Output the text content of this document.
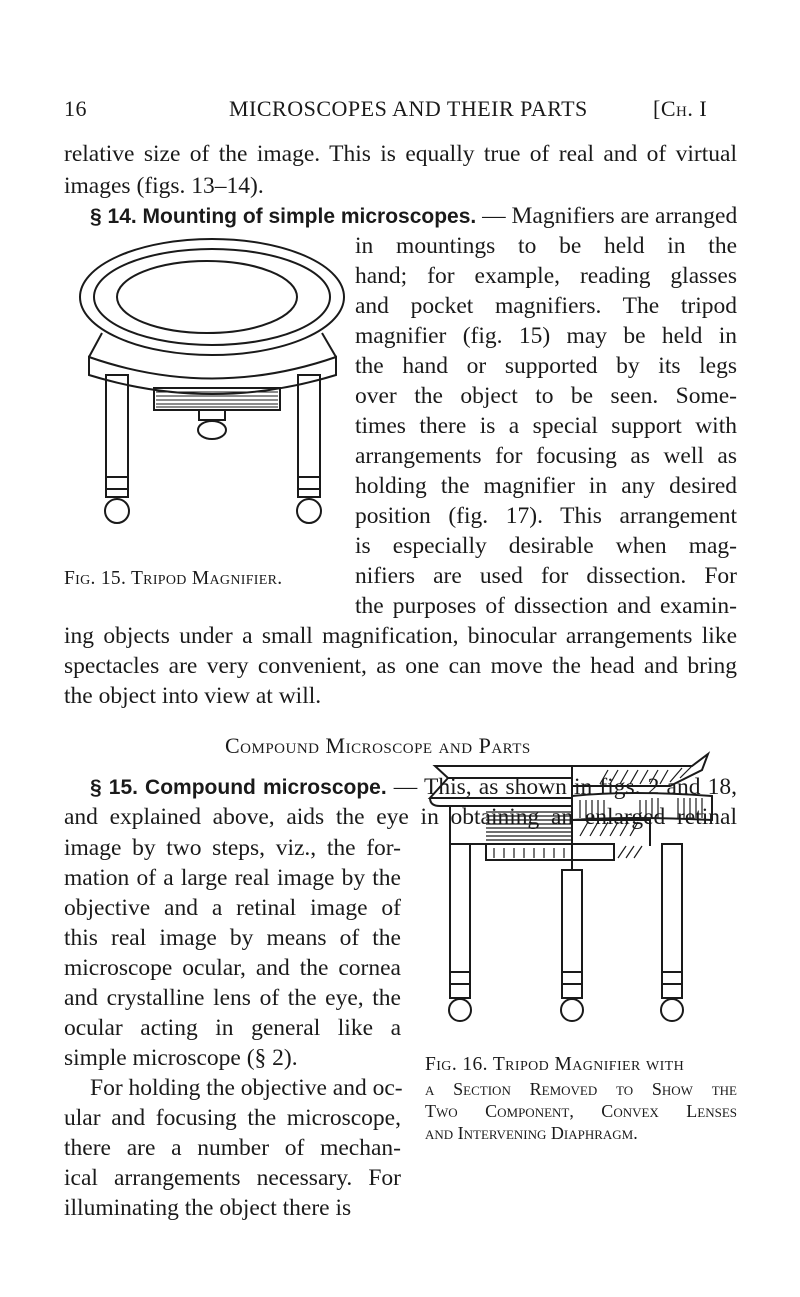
16	MICROSCOPES AND THEIR PARTS	[Ch. I
relative size of the image. This is equally true of real and of virtual
images (figs. 13–14).
§ 14. Mounting of simple microscopes. — Magnifiers are arranged
in mountings to be held in the
hand; for example, reading glasses
and pocket magnifiers. The tripod
magnifier (fig. 15) may be held in
the hand or supported by its legs
over the object to be seen. Some-
times there is a special support with
arrangements for focusing as well as
holding the magnifier in any desired
position (fig. 17). This arrangement
is especially desirable when mag-
nifiers are used for dissection. For
the purposes of dissection and examin-
Fig. 15. Tripod Magnifier.
ing objects under a small magnification, binocular arrangements like
spectacles are very convenient, as one can move the head and bring
the object into view at will.
Compound Microscope and Parts
§ 15. Compound microscope. — This, as shown in figs. 2 and 18,
and explained above, aids the eye in obtaining an enlarged retinal
image by two steps, viz., the for-
mation of a large real image by the
objective and a retinal image of
this real image by means of the
microscope ocular, and the cornea
and crystalline lens of the eye, the
ocular acting in general like a
simple microscope (§ 2).
For holding the objective and oc-
ular and focusing the microscope,
there are a number of mechan-
ical arrangements necessary. For
illuminating the object there is
Fig. 16. Tripod Magnifier with
a Section Removed to Show the
Two Component, Convex Lenses
and Intervening Diaphragm.
